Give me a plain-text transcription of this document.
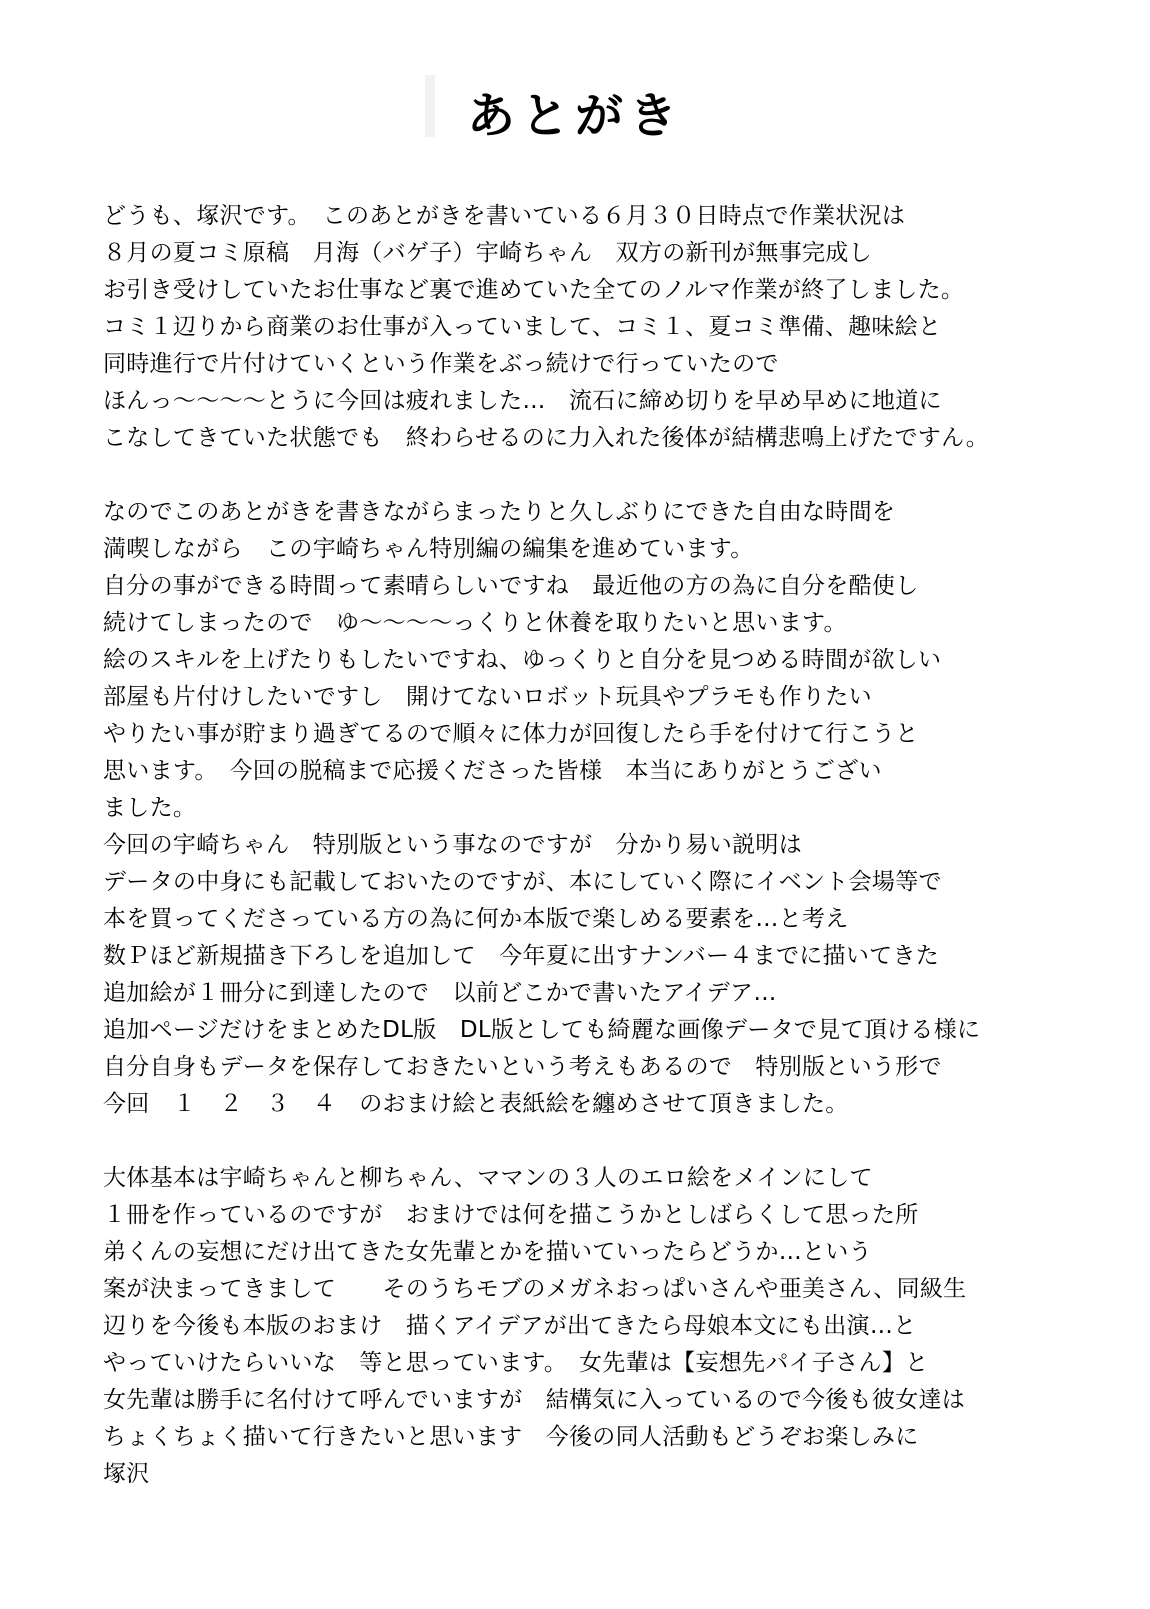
あとがき
どうも、塚沢です。　このあとがきを書いている６月３０日時点で作業状況は
８月の夏コミ原稿　月海（バゲ子）宇崎ちゃん　双方の新刊が無事完成し
お引き受けしていたお仕事など裏で進めていた全てのノルマ作業が終了しました。
コミ１辺りから商業のお仕事が入っていまして、コミ１、夏コミ準備、趣味絵と
同時進行で片付けていくという作業をぶっ続けで行っていたので
ほんっ～～～～とうに今回は疲れました…　流石に締め切りを早め早めに地道に
こなしてきていた状態でも　終わらせるのに力入れた後体が結構悲鳴上げたですん。
なのでこのあとがきを書きながらまったりと久しぶりにできた自由な時間を
満喫しながら　この宇崎ちゃん特別編の編集を進めています。
自分の事ができる時間って素晴らしいですね　最近他の方の為に自分を酷使し
続けてしまったので　ゆ～～～～っくりと休養を取りたいと思います。
絵のスキルを上げたりもしたいですね、ゆっくりと自分を見つめる時間が欲しい
部屋も片付けしたいですし　開けてないロボット玩具やプラモも作りたい
やりたい事が貯まり過ぎてるので順々に体力が回復したら手を付けて行こうと
思います。　今回の脱稿まで応援くださった皆様　本当にありがとうござい
ました。
今回の宇崎ちゃん　特別版という事なのですが　分かり易い説明は
データの中身にも記載しておいたのですが、本にしていく際にイベント会場等で
本を買ってくださっている方の為に何か本版で楽しめる要素を…と考え
数Ｐほど新規描き下ろしを追加して　今年夏に出すナンバー４までに描いてきた
追加絵が１冊分に到達したので　以前どこかで書いたアイデア…
追加ページだけをまとめたDL版　DL版としても綺麗な画像データで見て頂ける様に
自分自身もデータを保存しておきたいという考えもあるので　特別版という形で
今回　１　２　３　４　のおまけ絵と表紙絵を纏めさせて頂きました。
大体基本は宇崎ちゃんと柳ちゃん、ママンの３人のエロ絵をメインにして
１冊を作っているのですが　おまけでは何を描こうかとしばらくして思った所
弟くんの妄想にだけ出てきた女先輩とかを描いていったらどうか…という
案が決まってきまして　　そのうちモブのメガネおっぱいさんや亜美さん、同級生
辺りを今後も本版のおまけ　描くアイデアが出てきたら母娘本文にも出演…と
やっていけたらいいな　等と思っています。　女先輩は【妄想先パイ子さん】と
女先輩は勝手に名付けて呼んでいますが　結構気に入っているので今後も彼女達は
ちょくちょく描いて行きたいと思います　今後の同人活動もどうぞお楽しみに
塚沢
